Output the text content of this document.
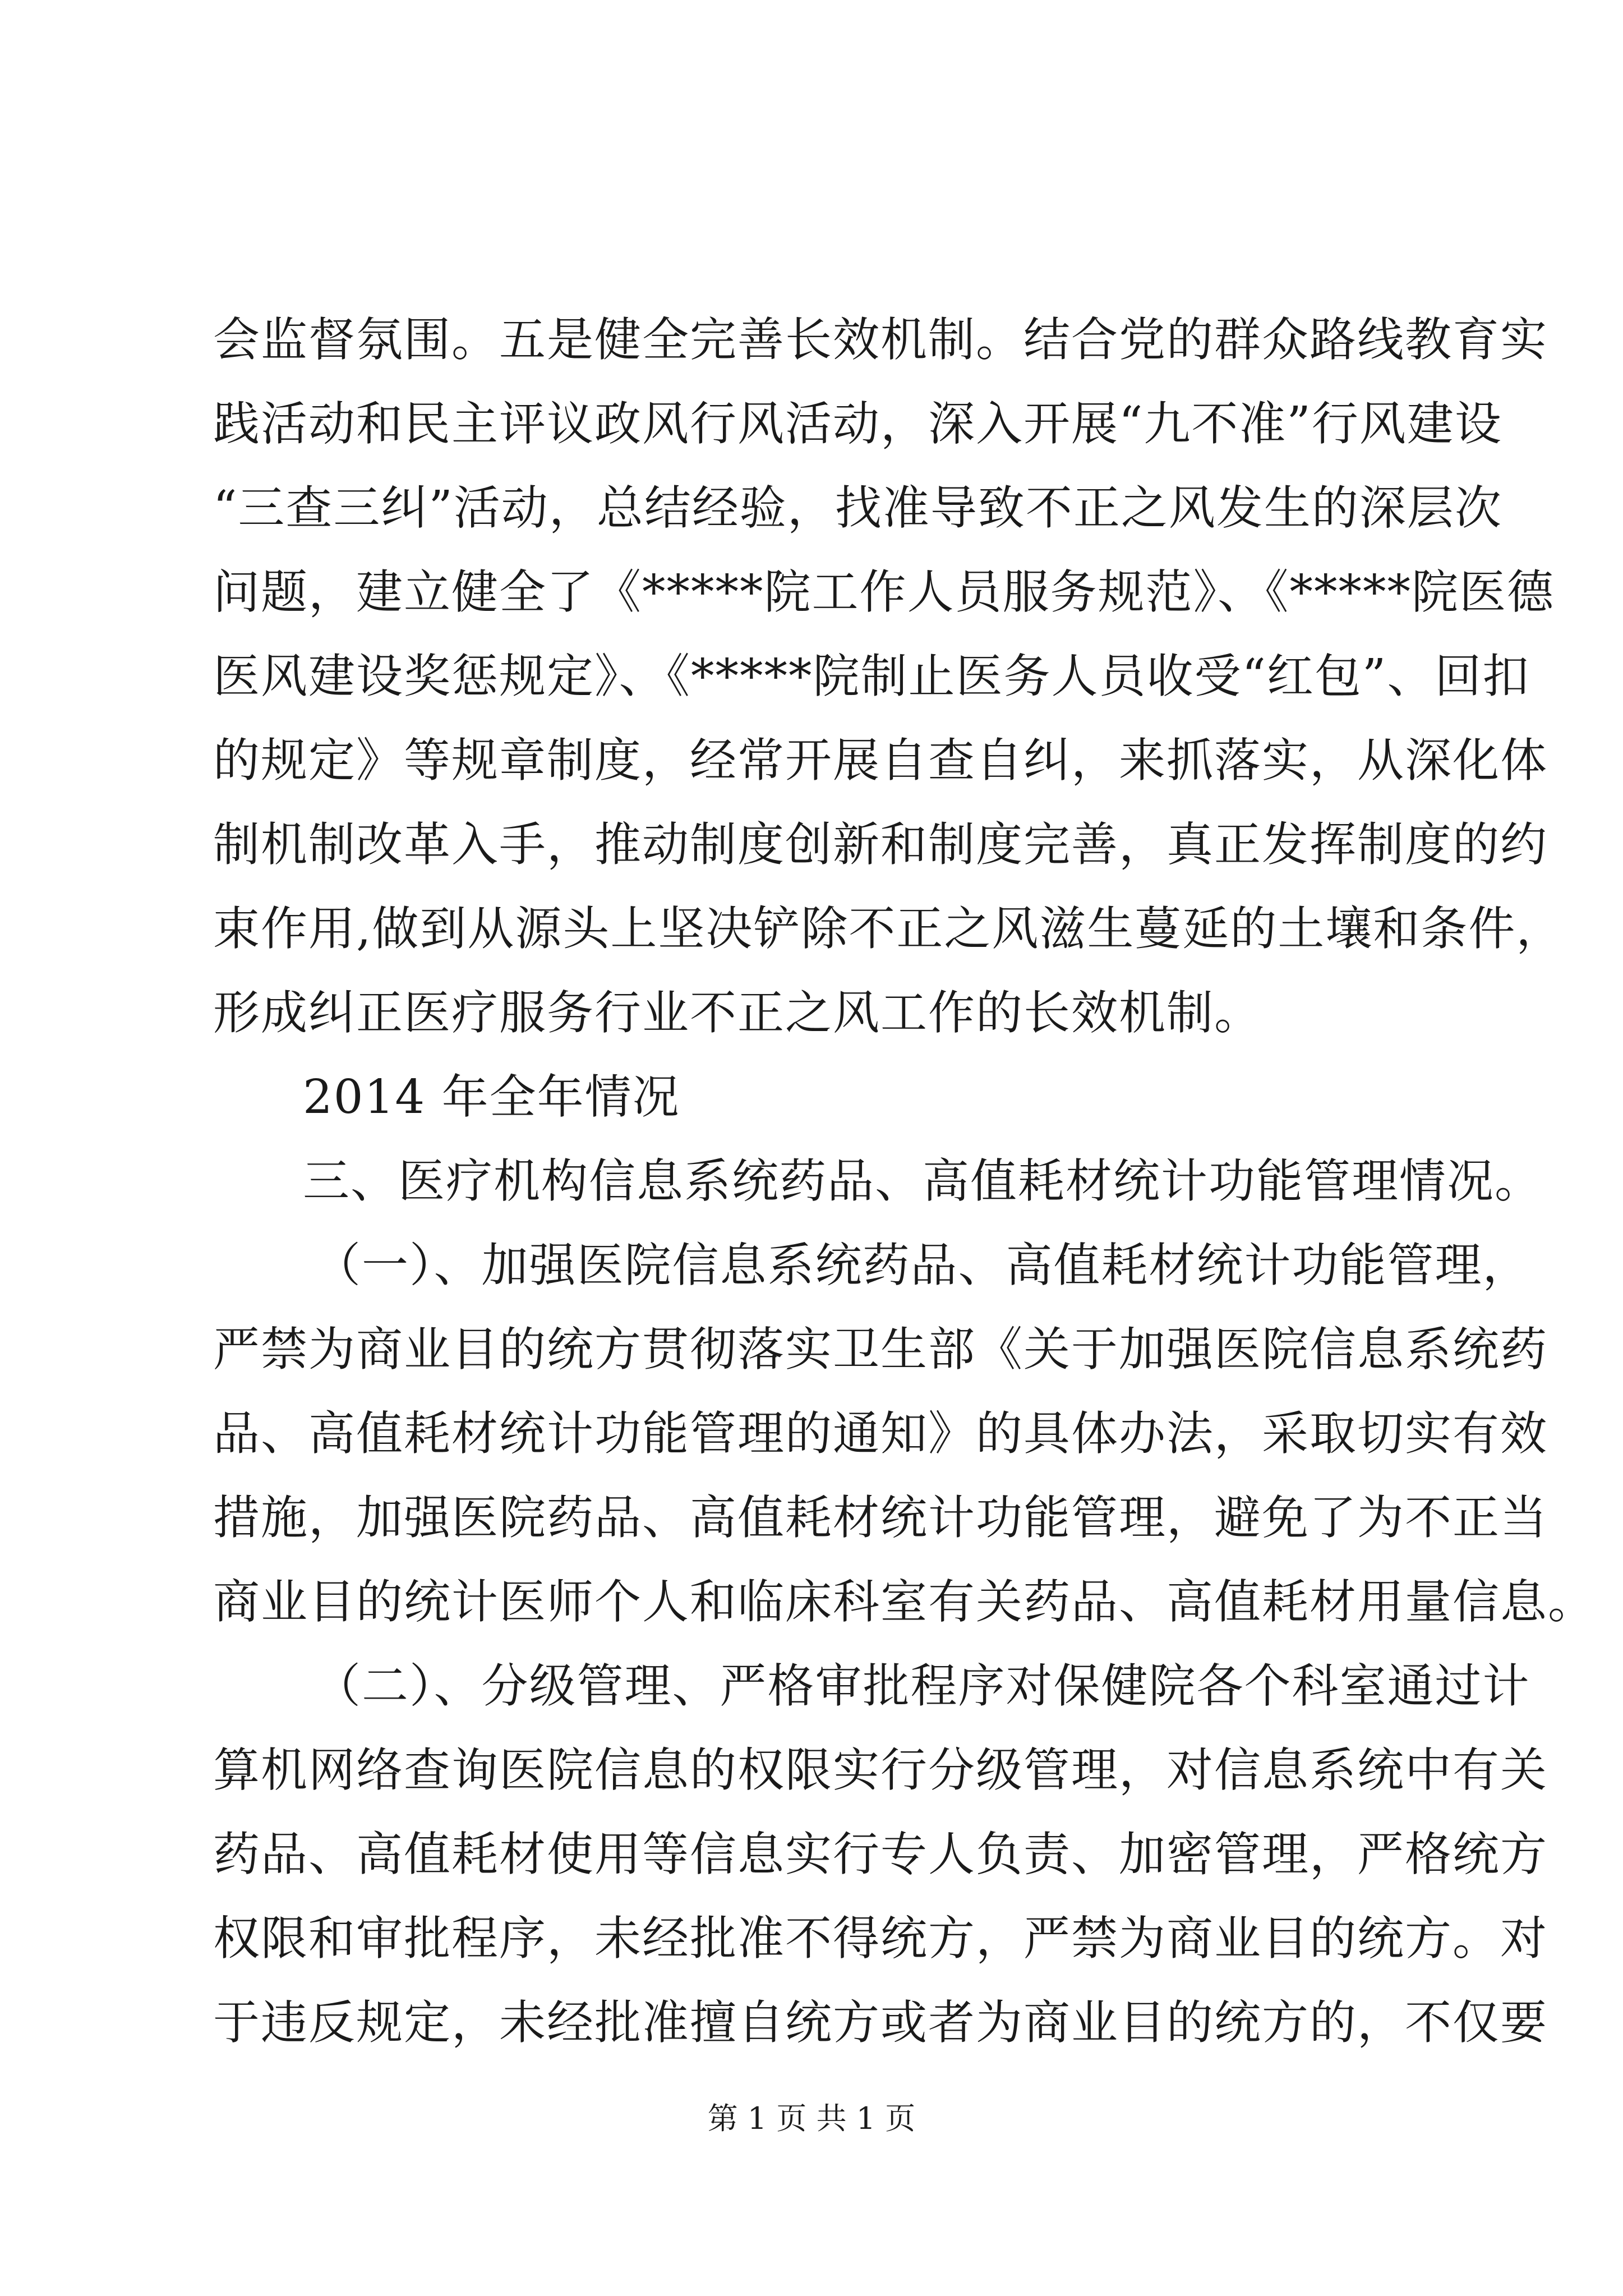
会监督氛围。五是健全完善长效机制。结合党的群众路线教育实
践活动和民主评议政风行风活动，深入开展“九不准”行风建设
“三查三纠”活动，总结经验，找准导致不正之风发生的深层次
问题，建立健全了《*****院工作人员服务规范》、《*****院医德
医风建设奖惩规定》、《*****院制止医务人员收受“红包”、回扣
的规定》等规章制度，经常开展自查自纠，来抓落实，从深化体
制机制改革入手，推动制度创新和制度完善，真正发挥制度的约
束作用,做到从源头上坚决铲除不正之风滋生蔓延的土壤和条件，
形成纠正医疗服务行业不正之风工作的长效机制。
2014 年全年情况
三、医疗机构信息系统药品、高值耗材统计功能管理情况。
（一）、加强医院信息系统药品、高值耗材统计功能管理，
严禁为商业目的统方贯彻落实卫生部《关于加强医院信息系统药
品、高值耗材统计功能管理的通知》的具体办法，采取切实有效
措施，加强医院药品、高值耗材统计功能管理，避免了为不正当
商业目的统计医师个人和临床科室有关药品、高值耗材用量信息。
（二）、分级管理、严格审批程序对保健院各个科室通过计
算机网络查询医院信息的权限实行分级管理，对信息系统中有关
药品、高值耗材使用等信息实行专人负责、加密管理，严格统方
权限和审批程序，未经批准不得统方，严禁为商业目的统方。对
于违反规定，未经批准擅自统方或者为商业目的统方的，不仅要
第 1 页 共 1 页
